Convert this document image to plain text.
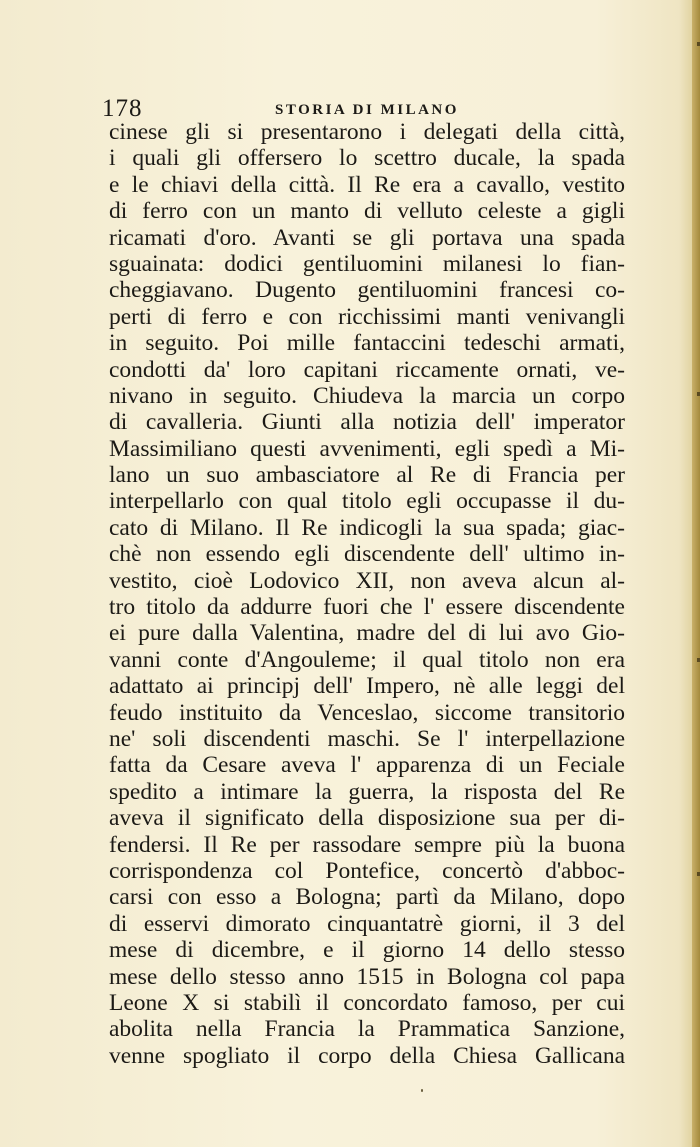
178	STORIA DI MILANO
cinese gli si presentarono i delegati della città,
i quali gli offersero lo scettro ducale, la spada
e le chiavi della città. Il Re era a cavallo, vestito
di ferro con un manto di velluto celeste a gigli
ricamati d'oro. Avanti se gli portava una spada
sguainata: dodici gentiluomini milanesi lo fian-
cheggiavano. Dugento gentiluomini francesi co-
perti di ferro e con ricchissimi manti venivangli
in seguito. Poi mille fantaccini tedeschi armati,
condotti da' loro capitani riccamente ornati, ve-
nivano in seguito. Chiudeva la marcia un corpo
di cavalleria. Giunti alla notizia dell' imperator
Massimiliano questi avvenimenti, egli spedì a Mi-
lano un suo ambasciatore al Re di Francia per
interpellarlo con qual titolo egli occupasse il du-
cato di Milano. Il Re indicogli la sua spada; giac-
chè non essendo egli discendente dell' ultimo in-
vestito, cioè Lodovico XII, non aveva alcun al-
tro titolo da addurre fuori che l' essere discendente
ei pure dalla Valentina, madre del di lui avo Gio-
vanni conte d'Angouleme; il qual titolo non era
adattato ai principj dell' Impero, nè alle leggi del
feudo instituito da Venceslao, siccome transitorio
ne' soli discendenti maschi. Se l' interpellazione
fatta da Cesare aveva l' apparenza di un Feciale
spedito a intimare la guerra, la risposta del Re
aveva il significato della disposizione sua per di-
fendersi. Il Re per rassodare sempre più la buona
corrispondenza col Pontefice, concertò d'abboc-
carsi con esso a Bologna; partì da Milano, dopo
di esservi dimorato cinquantatrè giorni, il 3 del
mese di dicembre, e il giorno 14 dello stesso
mese dello stesso anno 1515 in Bologna col papa
Leone X si stabilì il concordato famoso, per cui
abolita nella Francia la Prammatica Sanzione,
venne spogliato il corpo della Chiesa Gallicana
